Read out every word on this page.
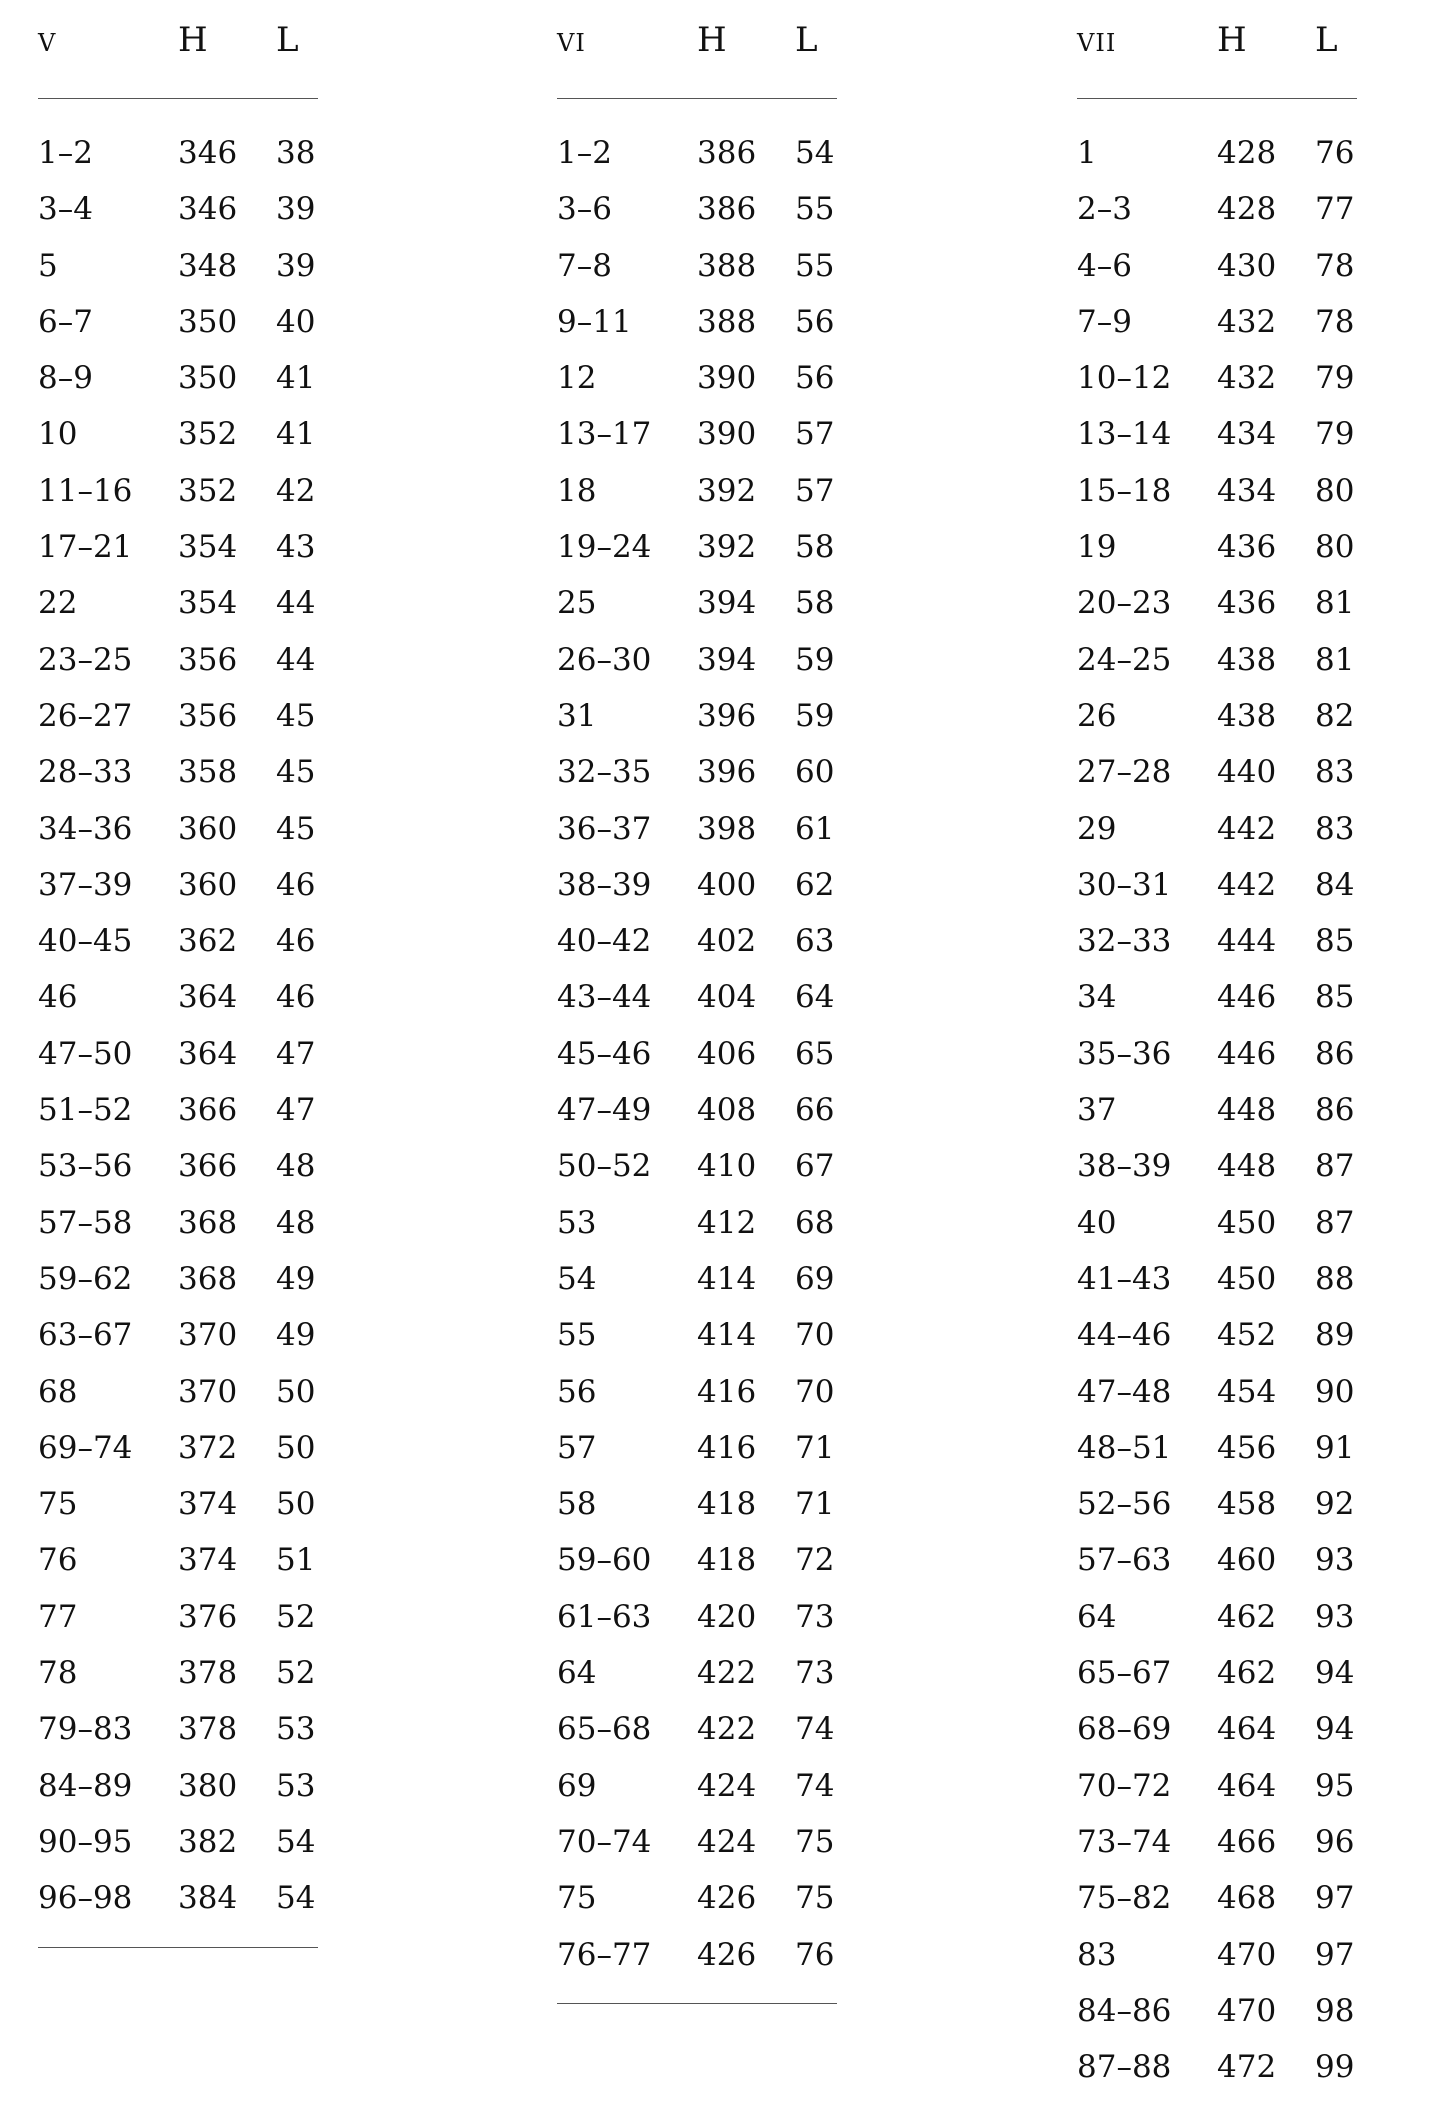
v	H L
1–2	346 38
3–4	346 39
5	348 39
6–7	350 40
8–9	350 41
10	352 41
11–16 352 42
17–21 354 43
22	354 44
23–25 356 44
26–27 356 45
28–33 358 45
34–36 360 45
37–39 360 46
40–45 362 46
46	364 46
47–50 364 47
51–52 366 47
53–56 366 48
57–58 368 48
59–62 368 49
63–67 370 49
68	370 50
69–74 372 50
75	374 50
76	374 51
77	376 52
78	378 52
79–83 378 53
84–89 380 53
90–95 382 54
96–98 384 54
vi	H L
1–2	386 54
3–6	386 55
7–8	388 55
9–11 388 56
12	390 56
13–17 390 57
18	392 57
19–24 392 58
25	394 58
26–30 394 59
31	396 59
32–35 396 60
36–37 398 61
38–39 400 62
40–42 402 63
43–44 404 64
45–46 406 65
47–49 408 66
50–52 410 67
53	412 68
54	414 69
55	414 70
56	416 70
57	416 71
58	418 71
59–60 418 72
61–63 420 73
64	422 73
65–68 422 74
69	424 74
70–74 424 75
75	426 75
76–77 426 76
vii	H L
1	428 76
2–3	428 77
4–6	430 78
7–9	432 78
10–12 432 79
13–14 434 79
15–18 434 80
19	436 80
20–23 436 81
24–25 438 81
26	438 82
27–28 440 83
29	442 83
30–31 442 84
32–33 444 85
34	446 85
35–36 446 86
37	448 86
38–39 448 87
40	450 87
41–43 450 88
44–46 452 89
47–48 454 90
48–51 456 91
52–56 458 92
57–63 460 93
64	462 93
65–67 462 94
68–69 464 94
70–72 464 95
73–74 466 96
75–82 468 97
83	470 97
84–86 470 98
87–88 472 99
